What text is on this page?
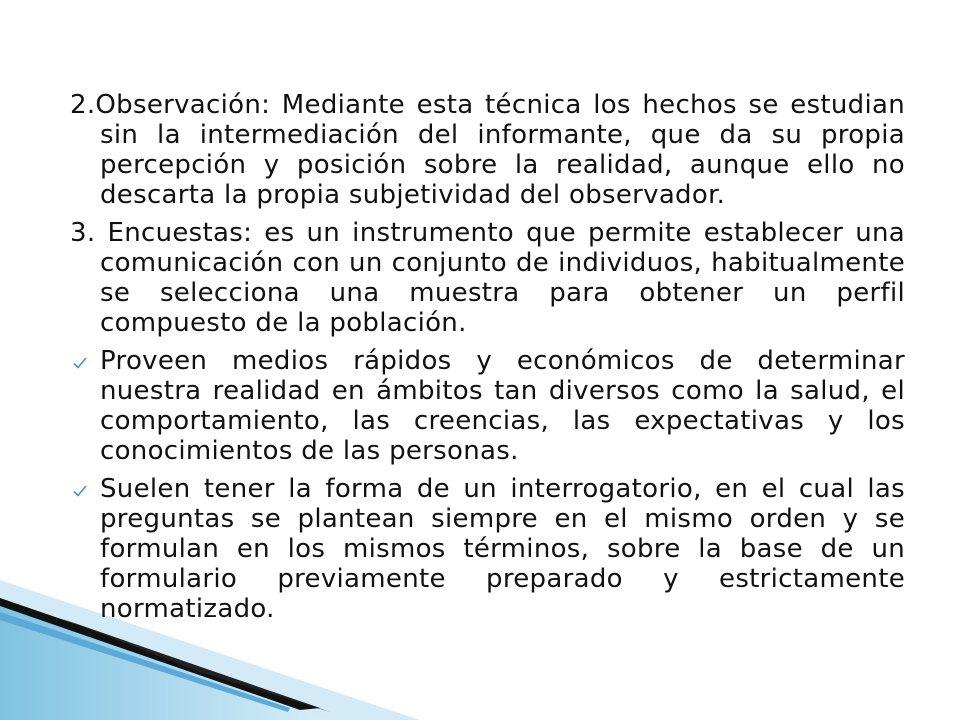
2.Observación: Mediante esta técnica los hechos se estudian sin la intermediación del informante, que da su propia percepción y posición sobre la realidad, aunque ello no descarta la propia subjetividad del observador.

3. Encuestas: es un instrumento que permite establecer una comunicación con un conjunto de individuos, habitualmente se selecciona una muestra para obtener un perfil compuesto de la población.

Proveen medios rápidos y económicos de determinar nuestra realidad en ámbitos tan diversos como la salud, el comportamiento, las creencias, las expectativas y los conocimientos de las personas.

Suelen tener la forma de un interrogatorio, en el cual las preguntas se plantean siempre en el mismo orden y se formulan en los mismos términos, sobre la base de un formulario previamente preparado y estrictamente normatizado.
